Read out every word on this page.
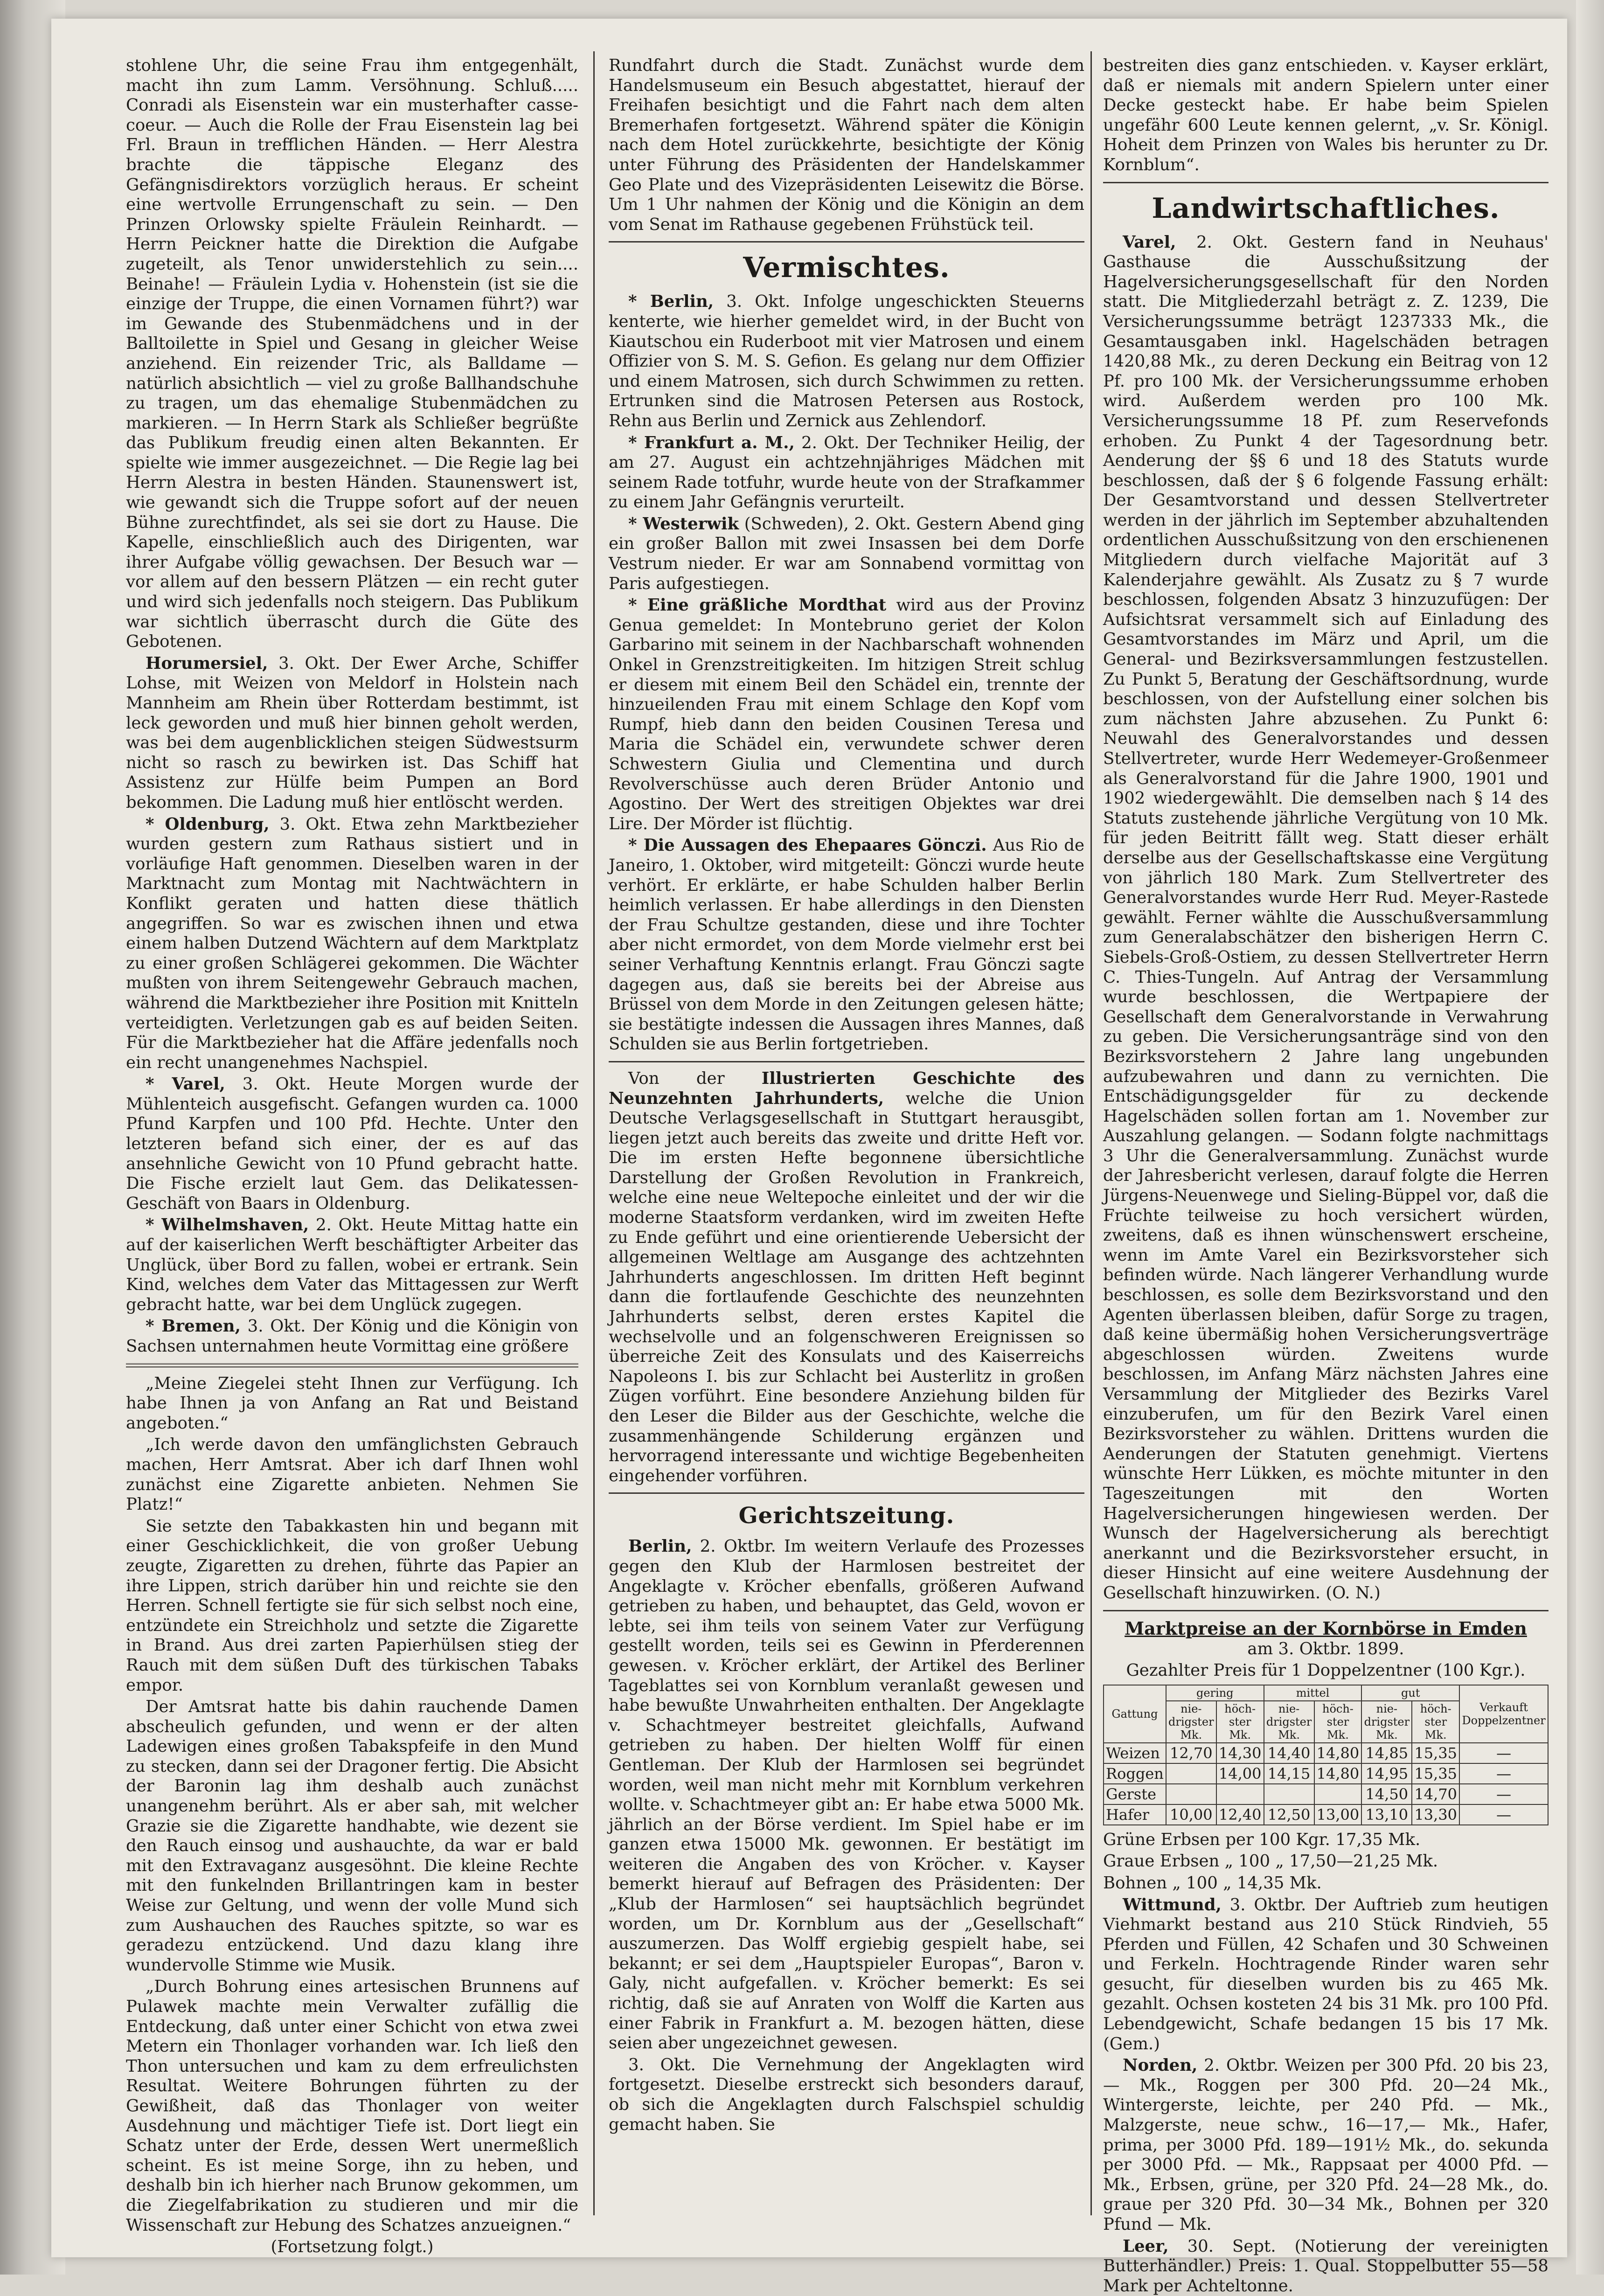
stohlene Uhr, die seine Frau ihm entgegenhält, macht ihn zum Lamm. Versöhnung. Schluß..... Conradi als Eisenstein war ein musterhafter casse-coeur. — Auch die Rolle der Frau Eisenstein lag bei Frl. Braun in trefflichen Händen. — Herr Alestra brachte die täppische Eleganz des Gefängnisdirektors vorzüglich heraus. Er scheint eine wertvolle Errungenschaft zu sein. — Den Prinzen Orlowsky spielte Fräulein Reinhardt. — Herrn Peickner hatte die Direktion die Aufgabe zugeteilt, als Tenor unwiderstehlich zu sein.... Beinahe! — Fräulein Lydia v. Hohenstein (ist sie die einzige der Truppe, die einen Vornamen führt?) war im Gewande des Stubenmädchens und in der Balltoilette in Spiel und Gesang in gleicher Weise anziehend. Ein reizender Tric, als Balldame — natürlich absichtlich — viel zu große Ballhandschuhe zu tragen, um das ehemalige Stubenmädchen zu markieren. — In Herrn Stark als Schließer begrüßte das Publikum freudig einen alten Bekannten. Er spielte wie immer ausgezeichnet. — Die Regie lag bei Herrn Alestra in besten Händen. Staunenswert ist, wie gewandt sich die Truppe sofort auf der neuen Bühne zurechtfindet, als sei sie dort zu Hause. Die Kapelle, einschließlich auch des Dirigenten, war ihrer Aufgabe völlig gewachsen. Der Besuch war — vor allem auf den bessern Plätzen — ein recht guter und wird sich jedenfalls noch steigern. Das Publikum war sichtlich überrascht durch die Güte des Gebotenen.

Horumersiel, 3. Okt. Der Ewer Arche, Schiffer Lohse, mit Weizen von Meldorf in Holstein nach Mannheim am Rhein über Rotterdam bestimmt, ist leck geworden und muß hier binnen geholt werden, was bei dem augenblicklichen steigen Südwestsurm nicht so rasch zu bewirken ist. Das Schiff hat Assistenz zur Hülfe beim Pumpen an Bord bekommen. Die Ladung muß hier entlöscht werden.

* Oldenburg, 3. Okt. Etwa zehn Marktbezieher wurden gestern zum Rathaus sistiert und in vorläufige Haft genommen. Dieselben waren in der Marktnacht zum Montag mit Nachtwächtern in Konflikt geraten und hatten diese thätlich angegriffen. So war es zwischen ihnen und etwa einem halben Dutzend Wächtern auf dem Marktplatz zu einer großen Schlägerei gekommen. Die Wächter mußten von ihrem Seitengewehr Gebrauch machen, während die Marktbezieher ihre Position mit Knitteln verteidigten. Verletzungen gab es auf beiden Seiten. Für die Marktbezieher hat die Affäre jedenfalls noch ein recht unangenehmes Nachspiel.

* Varel, 3. Okt. Heute Morgen wurde der Mühlenteich ausgefischt. Gefangen wurden ca. 1000 Pfund Karpfen und 100 Pfd. Hechte. Unter den letzteren befand sich einer, der es auf das ansehnliche Gewicht von 10 Pfund gebracht hatte. Die Fische erzielt laut Gem. das Delikatessen-Geschäft von Baars in Oldenburg.

* Wilhelmshaven, 2. Okt. Heute Mittag hatte ein auf der kaiserlichen Werft beschäftigter Arbeiter das Unglück, über Bord zu fallen, wobei er ertrank. Sein Kind, welches dem Vater das Mittagessen zur Werft gebracht hatte, war bei dem Unglück zugegen.

* Bremen, 3. Okt. Der König und die Königin von Sachsen unternahmen heute Vormittag eine größere

„Meine Ziegelei steht Ihnen zur Verfügung. Ich habe Ihnen ja von Anfang an Rat und Beistand angeboten.“

„Ich werde davon den umfänglichsten Gebrauch machen, Herr Amtsrat. Aber ich darf Ihnen wohl zunächst eine Zigarette anbieten. Nehmen Sie Platz!“

Sie setzte den Tabakkasten hin und begann mit einer Geschicklichkeit, die von großer Uebung zeugte, Zigaretten zu drehen, führte das Papier an ihre Lippen, strich darüber hin und reichte sie den Herren. Schnell fertigte sie für sich selbst noch eine, entzündete ein Streichholz und setzte die Zigarette in Brand. Aus drei zarten Papierhülsen stieg der Rauch mit dem süßen Duft des türkischen Tabaks empor.

Der Amtsrat hatte bis dahin rauchende Damen abscheulich gefunden, und wenn er der alten Ladewigen eines großen Tabakspfeife in den Mund zu stecken, dann sei der Dragoner fertig. Die Absicht der Baronin lag ihm deshalb auch zunächst unangenehm berührt. Als er aber sah, mit welcher Grazie sie die Zigarette handhabte, wie dezent sie den Rauch einsog und aushauchte, da war er bald mit den Extravaganz ausgesöhnt. Die kleine Rechte mit den funkelnden Brillantringen kam in bester Weise zur Geltung, und wenn der volle Mund sich zum Aushauchen des Rauches spitzte, so war es geradezu entzückend. Und dazu klang ihre wundervolle Stimme wie Musik.

„Durch Bohrung eines artesischen Brunnens auf Pulawek machte mein Verwalter zufällig die Entdeckung, daß unter einer Schicht von etwa zwei Metern ein Thonlager vorhanden war. Ich ließ den Thon untersuchen und kam zu dem erfreulichsten Resultat. Weitere Bohrungen führten zu der Gewißheit, daß das Thonlager von weiter Ausdehnung und mächtiger Tiefe ist. Dort liegt ein Schatz unter der Erde, dessen Wert unermeßlich scheint. Es ist meine Sorge, ihn zu heben, und deshalb bin ich hierher nach Brunow gekommen, um die Ziegelfabrikation zu studieren und mir die Wissenschaft zur Hebung des Schatzes anzueignen.“

(Fortsetzung folgt.)

Rundfahrt durch die Stadt. Zunächst wurde dem Handelsmuseum ein Besuch abgestattet, hierauf der Freihafen besichtigt und die Fahrt nach dem alten Bremerhafen fortgesetzt. Während später die Königin nach dem Hotel zurückkehrte, besichtigte der König unter Führung des Präsidenten der Handelskammer Geo Plate und des Vizepräsidenten Leisewitz die Börse. Um 1 Uhr nahmen der König und die Königin an dem vom Senat im Rathause gegebenen Frühstück teil.

Vermischtes.

* Berlin, 3. Okt. Infolge ungeschickten Steuerns kenterte, wie hierher gemeldet wird, in der Bucht von Kiautschou ein Ruderboot mit vier Matrosen und einem Offizier von S. M. S. Gefion. Es gelang nur dem Offizier und einem Matrosen, sich durch Schwimmen zu retten. Ertrunken sind die Matrosen Petersen aus Rostock, Rehn aus Berlin und Zernick aus Zehlendorf.

* Frankfurt a. M., 2. Okt. Der Techniker Heilig, der am 27. August ein achtzehnjähriges Mädchen mit seinem Rade totfuhr, wurde heute von der Strafkammer zu einem Jahr Gefängnis verurteilt.

* Westerwik (Schweden), 2. Okt. Gestern Abend ging ein großer Ballon mit zwei Insassen bei dem Dorfe Vestrum nieder. Er war am Sonnabend vormittag von Paris aufgestiegen.

* Eine gräßliche Mordthat wird aus der Provinz Genua gemeldet: In Montebruno geriet der Kolon Garbarino mit seinem in der Nachbarschaft wohnenden Onkel in Grenzstreitigkeiten. Im hitzigen Streit schlug er diesem mit einem Beil den Schädel ein, trennte der hinzueilenden Frau mit einem Schlage den Kopf vom Rumpf, hieb dann den beiden Cousinen Teresa und Maria die Schädel ein, verwundete schwer deren Schwestern Giulia und Clementina und durch Revolverschüsse auch deren Brüder Antonio und Agostino. Der Wert des streitigen Objektes war drei Lire. Der Mörder ist flüchtig.

* Die Aussagen des Ehepaares Gönczi. Aus Rio de Janeiro, 1. Oktober, wird mitgeteilt: Gönczi wurde heute verhört. Er erklärte, er habe Schulden halber Berlin heimlich verlassen. Er habe allerdings in den Diensten der Frau Schultze gestanden, diese und ihre Tochter aber nicht ermordet, von dem Morde vielmehr erst bei seiner Verhaftung Kenntnis erlangt. Frau Gönczi sagte dagegen aus, daß sie bereits bei der Abreise aus Brüssel von dem Morde in den Zeitungen gelesen hätte; sie bestätigte indessen die Aussagen ihres Mannes, daß Schulden sie aus Berlin fortgetrieben.

Von der Illustrierten Geschichte des Neunzehnten Jahrhunderts, welche die Union Deutsche Verlagsgesellschaft in Stuttgart herausgibt, liegen jetzt auch bereits das zweite und dritte Heft vor. Die im ersten Hefte begonnene übersichtliche Darstellung der Großen Revolution in Frankreich, welche eine neue Weltepoche einleitet und der wir die moderne Staatsform verdanken, wird im zweiten Hefte zu Ende geführt und eine orientierende Uebersicht der allgemeinen Weltlage am Ausgange des achtzehnten Jahrhunderts angeschlossen. Im dritten Heft beginnt dann die fortlaufende Geschichte des neunzehnten Jahrhunderts selbst, deren erstes Kapitel die wechselvolle und an folgenschweren Ereignissen so überreiche Zeit des Konsulats und des Kaiserreichs Napoleons I. bis zur Schlacht bei Austerlitz in großen Zügen vorführt. Eine besondere Anziehung bilden für den Leser die Bilder aus der Geschichte, welche die zusammenhängende Schilderung ergänzen und hervorragend interessante und wichtige Begebenheiten eingehender vorführen.

Gerichtszeitung.

Berlin, 2. Oktbr. Im weitern Verlaufe des Prozesses gegen den Klub der Harmlosen bestreitet der Angeklagte v. Kröcher ebenfalls, größeren Aufwand getrieben zu haben, und behauptet, das Geld, wovon er lebte, sei ihm teils von seinem Vater zur Verfügung gestellt worden, teils sei es Gewinn in Pferderennen gewesen. v. Kröcher erklärt, der Artikel des Berliner Tageblattes sei von Kornblum veranlaßt gewesen und habe bewußte Unwahrheiten enthalten. Der Angeklagte v. Schachtmeyer bestreitet gleichfalls, Aufwand getrieben zu haben. Der hielten Wolff für einen Gentleman. Der Klub der Harmlosen sei begründet worden, weil man nicht mehr mit Kornblum verkehren wollte. v. Schachtmeyer gibt an: Er habe etwa 5000 Mk. jährlich an der Börse verdient. Im Spiel habe er im ganzen etwa 15000 Mk. gewonnen. Er bestätigt im weiteren die Angaben des von Kröcher. v. Kayser bemerkt hierauf auf Befragen des Präsidenten: Der „Klub der Harmlosen“ sei hauptsächlich begründet worden, um Dr. Kornblum aus der „Gesellschaft“ auszumerzen. Das Wolff ergiebig gespielt habe, sei bekannt; er sei dem „Hauptspieler Europas“, Baron v. Galy, nicht aufgefallen. v. Kröcher bemerkt: Es sei richtig, daß sie auf Anraten von Wolff die Karten aus einer Fabrik in Frankfurt a. M. bezogen hätten, diese seien aber ungezeichnet gewesen.

3. Okt. Die Vernehmung der Angeklagten wird fortgesetzt. Dieselbe erstreckt sich besonders darauf, ob sich die Angeklagten durch Falschspiel schuldig gemacht haben. Sie

bestreiten dies ganz entschieden. v. Kayser erklärt, daß er niemals mit andern Spielern unter einer Decke gesteckt habe. Er habe beim Spielen ungefähr 600 Leute kennen gelernt, „v. Sr. Königl. Hoheit dem Prinzen von Wales bis herunter zu Dr. Kornblum“.

Landwirtschaftliches.

Varel, 2. Okt. Gestern fand in Neuhaus' Gasthause die Ausschußsitzung der Hagelversicherungsgesellschaft für den Norden statt. Die Mitgliederzahl beträgt z. Z. 1239, Die Versicherungssumme beträgt 1237333 Mk., die Gesamtausgaben inkl. Hagelschäden betragen 1420,88 Mk., zu deren Deckung ein Beitrag von 12 Pf. pro 100 Mk. der Versicherungssumme erhoben wird. Außerdem werden pro 100 Mk. Versicherungssumme 18 Pf. zum Reservefonds erhoben. Zu Punkt 4 der Tagesordnung betr. Aenderung der §§ 6 und 18 des Statuts wurde beschlossen, daß der § 6 folgende Fassung erhält: Der Gesamtvorstand und dessen Stellvertreter werden in der jährlich im September abzuhaltenden ordentlichen Ausschußsitzung von den erschienenen Mitgliedern durch vielfache Majorität auf 3 Kalenderjahre gewählt. Als Zusatz zu § 7 wurde beschlossen, folgenden Absatz 3 hinzuzufügen: Der Aufsichtsrat versammelt sich auf Einladung des Gesamtvorstandes im März und April, um die General- und Bezirksversammlungen festzustellen. Zu Punkt 5, Beratung der Geschäftsordnung, wurde beschlossen, von der Aufstellung einer solchen bis zum nächsten Jahre abzusehen. Zu Punkt 6: Neuwahl des Generalvorstandes und dessen Stellvertreter, wurde Herr Wedemeyer-Großenmeer als Generalvorstand für die Jahre 1900, 1901 und 1902 wiedergewählt. Die demselben nach § 14 des Statuts zustehende jährliche Vergütung von 10 Mk. für jeden Beitritt fällt weg. Statt dieser erhält derselbe aus der Gesellschaftskasse eine Vergütung von jährlich 180 Mark. Zum Stellvertreter des Generalvorstandes wurde Herr Rud. Meyer-Rastede gewählt. Ferner wählte die Ausschußversammlung zum Generalabschätzer den bisherigen Herrn C. Siebels-Groß-Ostiem, zu dessen Stellvertreter Herrn C. Thies-Tungeln. Auf Antrag der Versammlung wurde beschlossen, die Wertpapiere der Gesellschaft dem Generalvorstande in Verwahrung zu geben. Die Versicherungsanträge sind von den Bezirksvorstehern 2 Jahre lang ungebunden aufzubewahren und dann zu vernichten. Die Entschädigungsgelder für zu deckende Hagelschäden sollen fortan am 1. November zur Auszahlung gelangen. — Sodann folgte nachmittags 3 Uhr die Generalversammlung. Zunächst wurde der Jahresbericht verlesen, darauf folgte die Herren Jürgens-Neuenwege und Sieling-Büppel vor, daß die Früchte teilweise zu hoch versichert würden, zweitens, daß es ihnen wünschenswert erscheine, wenn im Amte Varel ein Bezirksvorsteher sich befinden würde. Nach längerer Verhandlung wurde beschlossen, es solle dem Bezirksvorstand und den Agenten überlassen bleiben, dafür Sorge zu tragen, daß keine übermäßig hohen Versicherungsverträge abgeschlossen würden. Zweitens wurde beschlossen, im Anfang März nächsten Jahres eine Versammlung der Mitglieder des Bezirks Varel einzuberufen, um für den Bezirk Varel einen Bezirksvorsteher zu wählen. Drittens wurden die Aenderungen der Statuten genehmigt. Viertens wünschte Herr Lükken, es möchte mitunter in den Tageszeitungen mit den Worten Hagelversicherungen hingewiesen werden. Der Wunsch der Hagelversicherung als berechtigt anerkannt und die Bezirksvorsteher ersucht, in dieser Hinsicht auf eine weitere Ausdehnung der Gesellschaft hinzuwirken. (O. N.)

Marktpreise an der Kornbörse in Emden

am 3. Oktbr. 1899.

Gezahlter Preis für 1 Doppelzentner (100 Kgr.).

Gattung	gering		mittel		gut		Verkauft Doppelzentner
	nie-drigster Mk.	höch-ster Mk.	nie-drigster Mk.	höch-ster Mk.	nie-drigster Mk.	höch-ster Mk.	
Weizen	12,70	14,30	14,40	14,80	14,85	15,35	—
Roggen		14,00	14,15	14,80	14,95	15,35	—
Gerste					14,50	14,70	—
Hafer	10,00	12,40	12,50	13,00	13,10	13,30	—

Grüne Erbsen per 100 Kgr. 17,35 Mk.

Graue Erbsen „ 100 „ 17,50—21,25 Mk.

Bohnen „ 100 „ 14,35 Mk.

Wittmund, 3. Oktbr. Der Auftrieb zum heutigen Viehmarkt bestand aus 210 Stück Rindvieh, 55 Pferden und Füllen, 42 Schafen und 30 Schweinen und Ferkeln. Hochtragende Rinder waren sehr gesucht, für dieselben wurden bis zu 465 Mk. gezahlt. Ochsen kosteten 24 bis 31 Mk. pro 100 Pfd. Lebendgewicht, Schafe bedangen 15 bis 17 Mk. (Gem.)

Norden, 2. Oktbr. Weizen per 300 Pfd. 20 bis 23,— Mk., Roggen per 300 Pfd. 20—24 Mk., Wintergerste, leichte, per 240 Pfd. — Mk., Malzgerste, neue schw., 16—17,— Mk., Hafer, prima, per 3000 Pfd. 189—191½ Mk., do. sekunda per 3000 Pfd. — Mk., Rappsaat per 4000 Pfd. — Mk., Erbsen, grüne, per 320 Pfd. 24—28 Mk., do. graue per 320 Pfd. 30—34 Mk., Bohnen per 320 Pfund — Mk.

Leer, 30. Sept. (Notierung der vereinigten Butterhändler.) Preis: 1. Qual. Stoppelbutter 55—58 Mark per Achteltonne.
